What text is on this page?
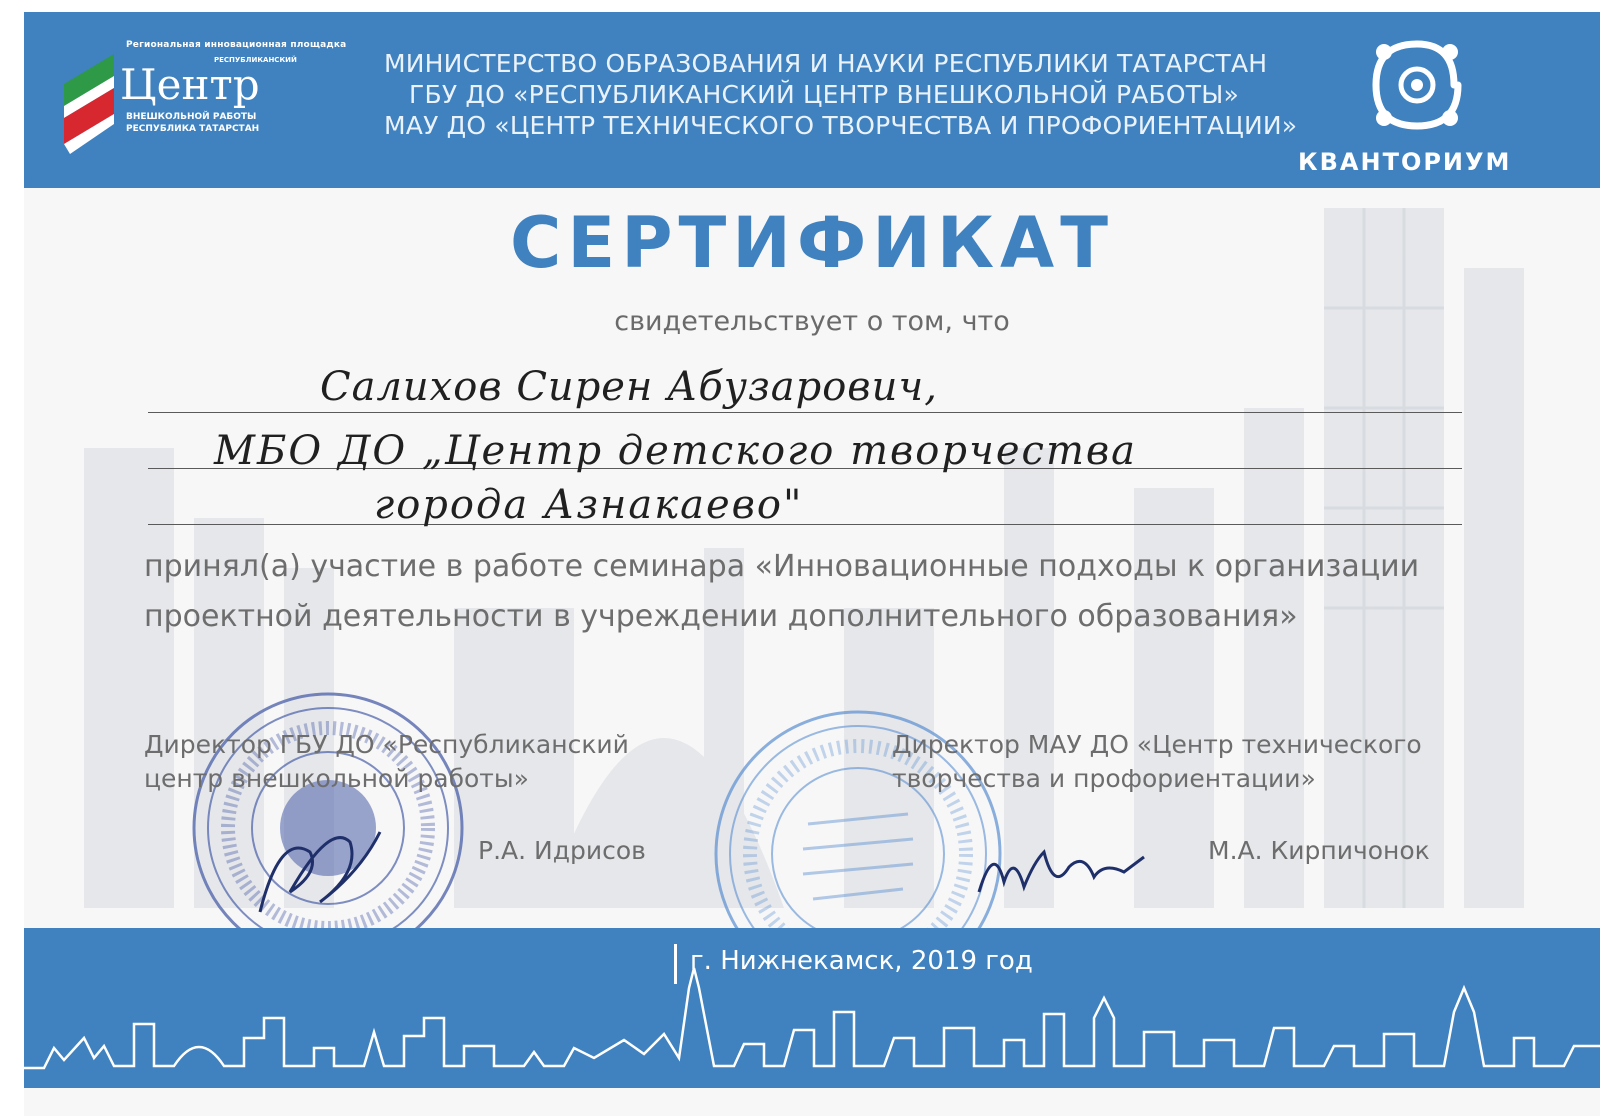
Региональная инновационная площадка
РЕСПУБЛИКАНСКИЙ
Центр
ВНЕШКОЛЬНОЙ РАБОТЫ
РЕСПУБЛИКА ТАТАРСТАН
МИНИСТЕРСТВО ОБРАЗОВАНИЯ И НАУКИ РЕСПУБЛИКИ ТАТАРСТАН
ГБУ ДО «РЕСПУБЛИКАНСКИЙ ЦЕНТР ВНЕШКОЛЬНОЙ РАБОТЫ»
МАУ ДО «ЦЕНТР ТЕХНИЧЕСКОГО ТВОРЧЕСТВА И ПРОФОРИЕНТАЦИИ»
КВАНТОРИУМ
СЕРТИФИКАТ
свидетельствует о том, что
Салихов Сирен Абузарович,
МБО ДО „Центр детского творчества
города Азнакаево"
принял(а) участие в работе семинара «Инновационные подходы к организации
проектной деятельности в учреждении дополнительного образования»
Директор ГБУ ДО «Республиканский
центр внешкольной работы»
Р.А. Идрисов
Директор МАУ ДО «Центр технического
творчества и профориентации»
М.А. Кирпичонок
г. Нижнекамск, 2019 год
